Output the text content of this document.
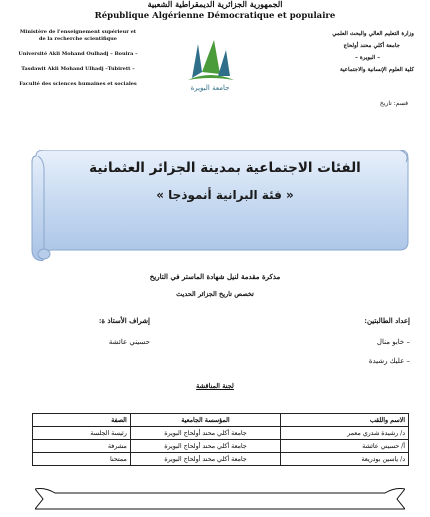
الجمهورية الجزائرية الديمقراطية الشعبية
République Algérienne Démocratique et populaire
Ministère de l'enseignement supérieur et de la recherche scientifique
Université Akli Mohand Oulhadj – Bouira –
Tasdawit Akli Mohand Ulhadj –Tubirett –
Faculté des sciences humaines et sociales
وزارة التعليم العالي والبحث العلمي
جامعة أكلي محند أولحاج
– البويرة –
كلية العلوم الإنسانية والاجتماعية
جامعة البويرة
قسم: تاريخ
الفئات الاجتماعية بمدينة الجزائر العثمانية
« فئة البرانية أنموذجا »
مذكرة مقدمة لنيل شهادة الماستر في التاريخ
تخصص تاريخ الجزائر الحديث
إعداد الطالبتين:
إشراف الأستاذ ة:
– خابو منال
– عليك رشيدة
حسيني عائشة
لجنة المناقشة
الاسم واللقب	المؤسسة الجامعية	الصفة
د/ رشيدة شدري معمر	جامعة أكلي محند أولحاج البويرة	رئيسة الجلسة
أ/ حسيني عائشة	جامعة أكلي محند أولحاج البويرة	مشرفة
د/ ياسين بودريعة	جامعة أكلي محند أولحاج البويرة	ممتحنا
